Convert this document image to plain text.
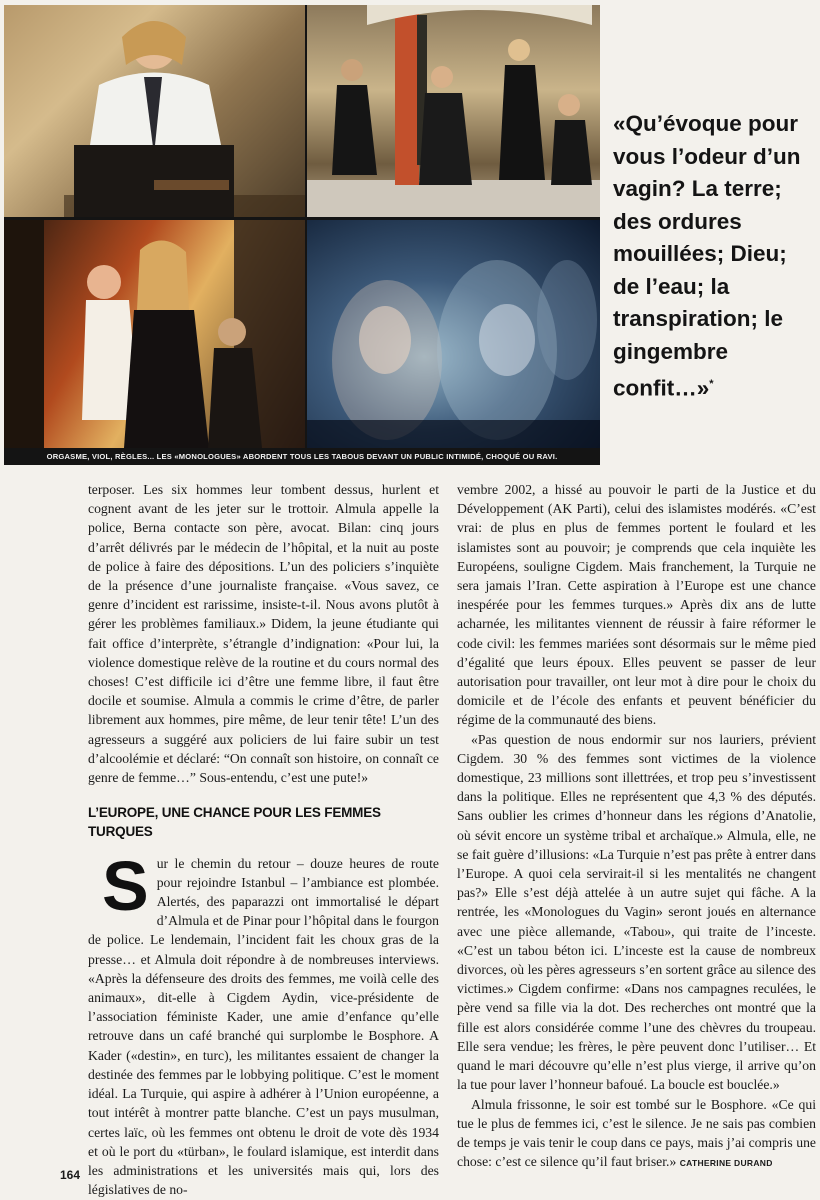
ORGASME, VIOL, RÈGLES... LES «MONOLOGUES» ABORDENT TOUS LES TABOUS DEVANT UN PUBLIC INTIMIDÉ, CHOQUÉ OU RAVI.

«Qu’évoque pour vous l’odeur d’un vagin? La terre; des ordures mouillées; Dieu; de l’eau; la transpiration; le gingembre confit…»*

terposer. Les six hommes leur tombent dessus, hurlent et cognent avant de les jeter sur le trottoir. Almula appelle la police, Berna contacte son père, avocat. Bilan: cinq jours d’arrêt délivrés par le médecin de l’hôpital, et la nuit au poste de police à faire des dépositions. L’un des policiers s’inquiète de la présence d’une journaliste française. «Vous savez, ce genre d’incident est rarissime, insiste-t-il. Nous avons plutôt à gérer les problèmes familiaux.» Didem, la jeune étudiante qui fait office d’interprète, s’étrangle d’indignation: «Pour lui, la violence domestique relève de la routine et du cours normal des choses! C’est difficile ici d’être une femme libre, il faut être docile et soumise. Almula a commis le crime d’être, de parler librement aux hommes, pire même, de leur tenir tête! L’un des agresseurs a suggéré aux policiers de lui faire subir un test d’alcoolémie et déclaré: “On connaît son histoire, on connaît ce genre de femme…” Sous-entendu, c’est une pute!»

L’EUROPE, UNE CHANCE POUR LES FEMMES TURQUES

Sur le chemin du retour – douze heures de route pour rejoindre Istanbul – l’ambiance est plombée. Alertés, des paparazzi ont immortalisé le départ d’Almula et de Pinar pour l’hôpital dans le fourgon de police. Le lendemain, l’incident fait les choux gras de la presse… et Almula doit répondre à de nombreuses interviews. «Après la défenseure des droits des femmes, me voilà celle des animaux», dit-elle à Cigdem Aydin, vice-présidente de l’association féministe Kader, une amie d’enfance qu’elle retrouve dans un café branché qui surplombe le Bosphore. A Kader («destin», en turc), les militantes essaient de changer la destinée des femmes par le lobbying politique. C’est le moment idéal. La Turquie, qui aspire à adhérer à l’Union européenne, a tout intérêt à montrer patte blanche. C’est un pays musulman, certes laïc, où les femmes ont obtenu le droit de vote dès 1934 et où le port du «türban», le foulard islamique, est interdit dans les administrations et les universités mais qui, lors des législatives de no-

vembre 2002, a hissé au pouvoir le parti de la Justice et du Développement (AK Parti), celui des islamistes modérés. «C’est vrai: de plus en plus de femmes portent le foulard et les islamistes sont au pouvoir; je comprends que cela inquiète les Européens, souligne Cigdem. Mais franchement, la Turquie ne sera jamais l’Iran. Cette aspiration à l’Europe est une chance inespérée pour les femmes turques.» Après dix ans de lutte acharnée, les militantes viennent de réussir à faire réformer le code civil: les femmes mariées sont désormais sur le même pied d’égalité que leurs époux. Elles peuvent se passer de leur autorisation pour travailler, ont leur mot à dire pour le choix du domicile et de l’école des enfants et peuvent bénéficier du régime de la communauté des biens.

«Pas question de nous endormir sur nos lauriers, prévient Cigdem. 30 % des femmes sont victimes de la violence domestique, 23 millions sont illettrées, et trop peu s’investissent dans la politique. Elles ne représentent que 4,3 % des députés. Sans oublier les crimes d’honneur dans les régions d’Anatolie, où sévit encore un système tribal et archaïque.» Almula, elle, ne se fait guère d’illusions: «La Turquie n’est pas prête à entrer dans l’Europe. A quoi cela servirait-il si les mentalités ne changent pas?» Elle s’est déjà attelée à un autre sujet qui fâche. A la rentrée, les «Monologues du Vagin» seront joués en alternance avec une pièce allemande, «Tabou», qui traite de l’inceste. «C’est un tabou béton ici. L’inceste est la cause de nombreux divorces, où les pères agresseurs s’en sortent grâce au silence des victimes.» Cigdem confirme: «Dans nos campagnes reculées, le père vend sa fille via la dot. Des recherches ont montré que la fille est alors considérée comme l’une des chèvres du troupeau. Elle sera vendue; les frères, le père peuvent donc l’utiliser… Et quand le mari découvre qu’elle n’est plus vierge, il arrive qu’on la tue pour laver l’honneur bafoué. La boucle est bouclée.»

Almula frissonne, le soir est tombé sur le Bosphore. «Ce qui tue le plus de femmes ici, c’est le silence. Je ne sais pas combien de temps je vais tenir le coup dans ce pays, mais j’ai compris une chose: c’est ce silence qu’il faut briser.» CATHERINE DURAND

164
